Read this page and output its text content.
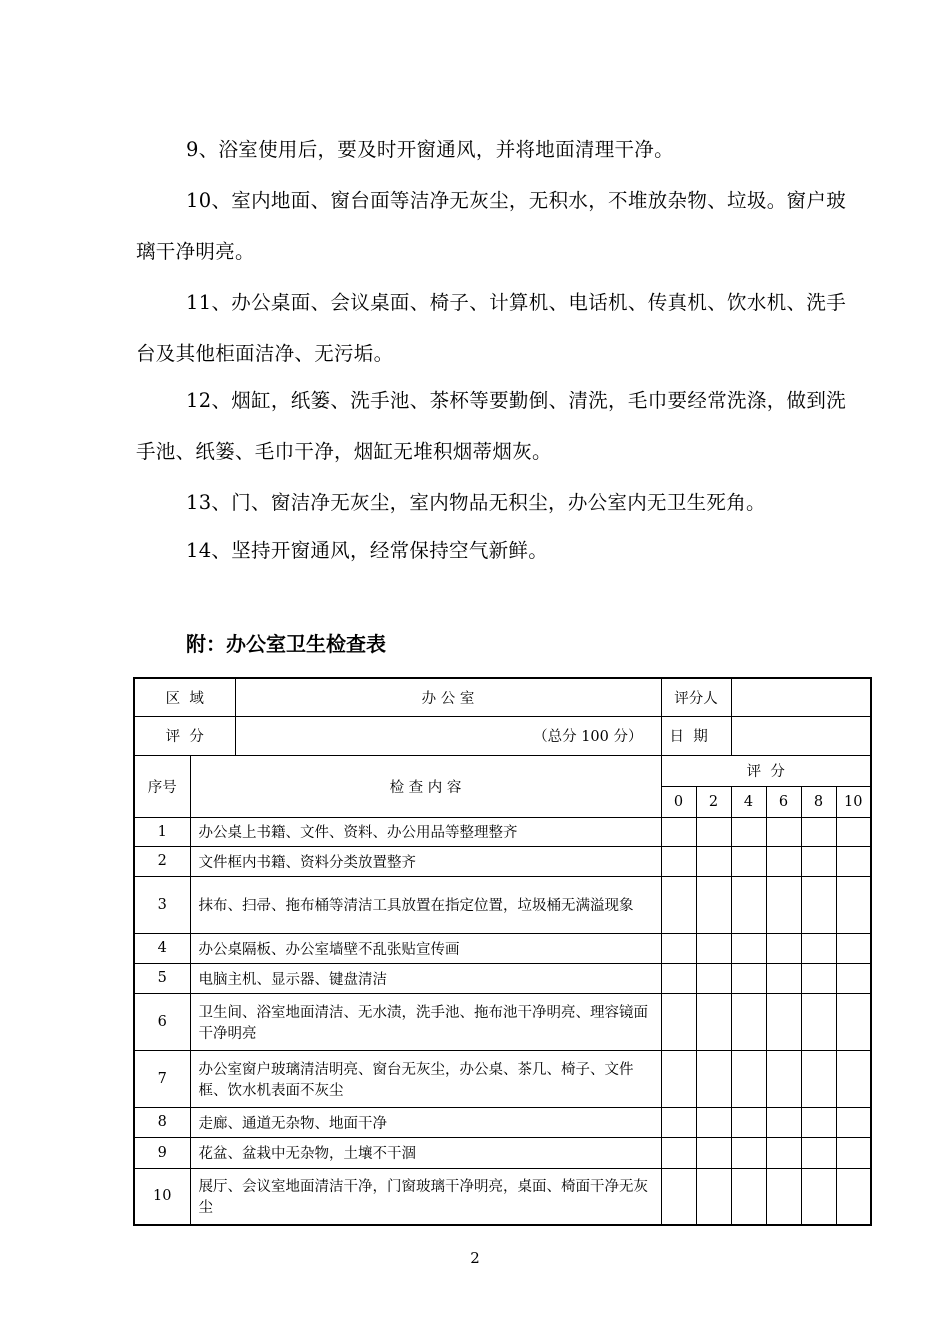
9、浴室使用后，要及时开窗通风，并将地面清理干净。

10、室内地面、窗台面等洁净无灰尘，无积水，不堆放杂物、垃圾。窗户玻璃干净明亮。

11、办公桌面、会议桌面、椅子、计算机、电话机、传真机、饮水机、洗手台及其他柜面洁净、无污垢。

12、烟缸，纸篓、洗手池、茶杯等要勤倒、清洗，毛巾要经常洗涤，做到洗手池、纸篓、毛巾干净，烟缸无堆积烟蒂烟灰。

13、门、窗洁净无灰尘，室内物品无积尘，办公室内无卫生死角。

14、坚持开窗通风，经常保持空气新鲜。

附：办公室卫生检查表
区  域		办 公 室	评分人					
评  分		（总分 100 分）	日  期					
序号	检 查 内 容		评  分					
			0	2	4	6	8	10
1	办公桌上书籍、文件、资料、办公用品等整理整齐							
2	文件框内书籍、资料分类放置整齐							
3	抹布、扫帚、拖布桶等清洁工具放置在指定位置，垃圾桶无满溢现象							
4	办公桌隔板、办公室墙壁不乱张贴宣传画							
5	电脑主机、显示器、键盘清洁							
6	卫生间、浴室地面清洁、无水渍，洗手池、拖布池干净明亮、理容镜面干净明亮							
7	办公室窗户玻璃清洁明亮、窗台无灰尘，办公桌、茶几、椅子、文件框、饮水机表面不灰尘							
8	走廊、通道无杂物、地面干净							
9	花盆、盆栽中无杂物，土壤不干涸							
10	展厅、会议室地面清洁干净，门窗玻璃干净明亮，桌面、椅面干净无灰尘							
2
